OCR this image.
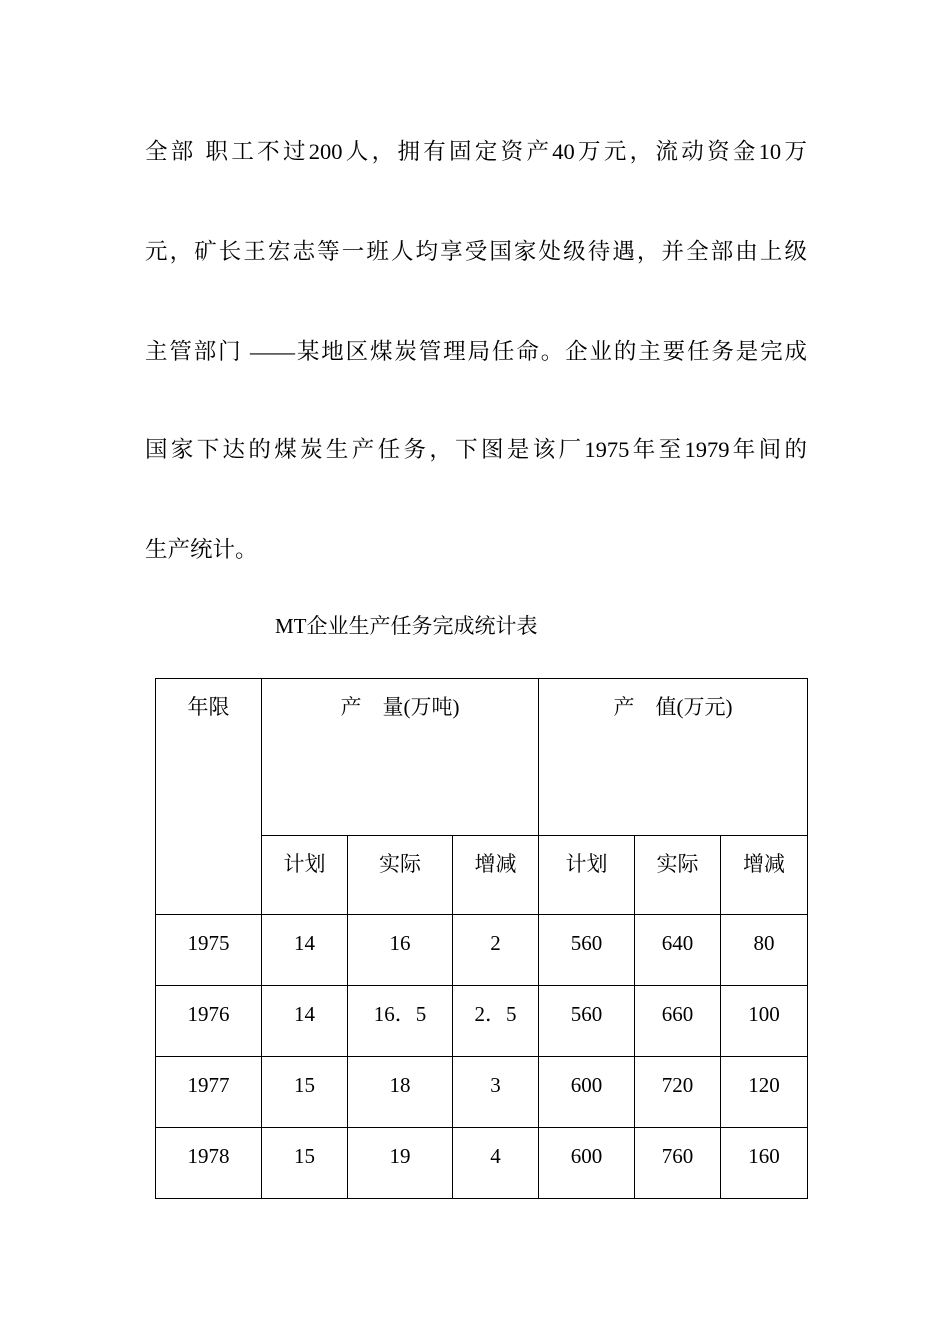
全部 职工不过200人，拥有固定资产40万元，流动资金10万
元，矿长王宏志等一班人均享受国家处级待遇，并全部由上级
主管部门 ——某地区煤炭管理局任命。企业的主要任务是完成
国家下达的煤炭生产任务，下图是该厂1975年至1979年间的
生产统计。
MT企业生产任务完成统计表
年限	产　量(万吨)			产　值(万元)		

	计划	实际	增减	计划	实际	增减

1975	14	16	2	560	640	80

1976	14	16．5	2．5	560	660	100

1977	15	18	3	600	720	120

1978	15	19	4	600	760	160
